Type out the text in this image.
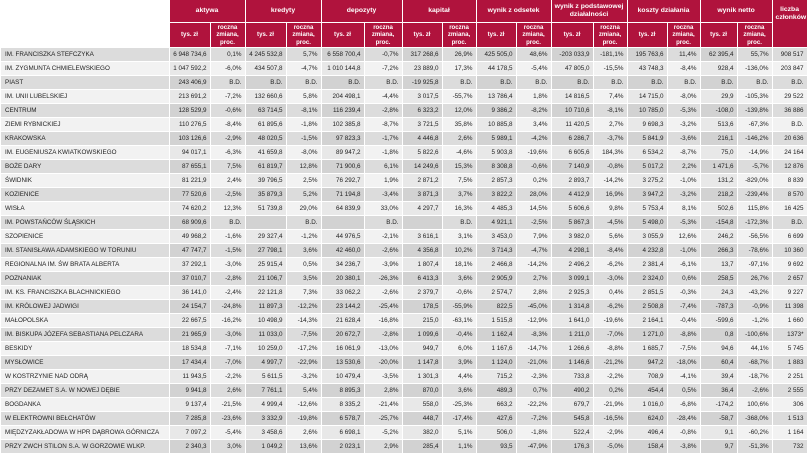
	aktywa		kredyty		depozyty		kapitał		wynik z odsetek		wynik z podstawowej działalności		koszty działania		wynik netto		liczba członków
	tys. zł	roczna zmiana, proc.	tys. zł	roczna zmiana, proc.	tys. zł	roczna zmiana, proc.	tys. zł	roczna zmiana, proc.	tys. zł	roczna zmiana, proc.	tys. zł	roczna zmiana, proc.	tys. zł	roczna zmiana, proc.	tys. zł	roczna zmiana, proc.	
IM. FRANCISZKA STEFCZYKA	6 948 734,6	0,1%	4 245 532,8	5,7%	6 558 700,4	-0,7%	317 268,6	26,9%	425 505,0	48,6%	-203 033,9	-181,1%	195 763,6	11,4%	62 395,4	55,7%	908 517
IM. ZYGMUNTA CHMIELEWSKIEGO	1 047 592,2	-6,0%	434 507,8	-4,7%	1 010 144,8	-7,2%	23 889,0	17,3%	44 178,5	-5,4%	47 805,0	-15,5%	43 748,3	-8,4%	928,4	-136,0%	203 847
PIAST	243 406,9	B.D.	B.D.	B.D.	B.D.	B.D.	-19 925,8	B.D.	B.D.	B.D.	B.D.	B.D.	B.D.	B.D.	B.D.	B.D.	B.D.
IM. UNII LUBELSKIEJ	213 691,2	-7,2%	132 660,6	5,8%	204 498,1	-4,4%	3 017,5	-55,7%	13 786,4	1,8%	14 816,5	7,4%	14 715,0	-8,0%	29,9	-105,3%	29 522
CENTRUM	128 529,9	-0,6%	63 714,5	-8,1%	116 239,4	-2,8%	6 323,2	12,0%	9 386,2	-8,2%	10 710,6	-8,1%	10 785,0	-5,3%	-108,0	-139,8%	36 886
ZIEMI RYBNICKIEJ	110 276,5	-8,4%	61 895,6	-1,8%	102 385,8	-8,7%	3 721,5	35,8%	10 885,8	3,4%	11 420,5	2,7%	9 698,3	-3,2%	513,6	-67,3%	B.D.
KRAKOWSKA	103 126,6	-2,9%	48 020,5	-1,5%	97 823,3	-1,7%	4 446,8	2,6%	5 989,1	-4,2%	6 286,7	-3,7%	5 841,9	-3,6%	216,1	-146,2%	20 636
IM. EUGENIUSZA KWIATKOWSKIEGO	94 017,1	-6,3%	41 659,8	-8,0%	89 947,2	-1,8%	5 822,6	-4,6%	5 903,8	-19,6%	6 605,6	184,3%	6 534,2	-8,7%	75,0	-14,9%	24 164
BOŻE DARY	87 655,1	7,5%	61 819,7	12,8%	71 900,6	6,1%	14 249,6	15,3%	8 308,8	-0,6%	7 140,9	-0,8%	5 017,2	2,2%	1 471,6	-5,7%	12 876
ŚWIDNIK	81 221,9	2,4%	39 796,5	2,5%	76 292,7	1,9%	2 871,2	7,5%	2 857,3	0,2%	2 893,7	-14,2%	3 275,2	-1,0%	131,2	-829,0%	8 839
KOZIENICE	77 520,6	-2,5%	35 879,3	5,2%	71 194,8	-3,4%	3 871,3	3,7%	3 822,2	28,0%	4 412,9	16,9%	3 947,2	-3,2%	218,2	-239,4%	8 570
WISŁA	74 620,2	12,3%	51 739,8	29,0%	64 839,9	33,0%	4 297,7	16,3%	4 485,3	14,5%	5 606,6	9,8%	5 753,4	8,1%	502,6	115,8%	16 425
IM. POWSTAŃCÓW ŚLĄSKICH	68 909,6	B.D.		B.D.		B.D.		B.D.	4 921,1	-2,5%	5 867,3	-4,5%	5 498,0	-5,3%	-154,8	-172,3%	B.D.
SZOPIENICE	49 968,2	-1,6%	29 327,4	-1,2%	44 976,5	-2,1%	3 616,1	3,1%	3 453,0	7,9%	3 982,0	5,6%	3 055,9	12,6%	246,2	-56,5%	6 699
IM. STANISŁAWA ADAMSKIEGO W TORUNIU	47 747,7	-1,5%	27 798,1	3,6%	42 460,0	-2,6%	4 356,8	10,2%	3 714,3	-4,7%	4 298,1	-8,4%	4 232,8	-1,0%	266,3	-78,6%	10 360
REGIONALNA IM. ŚW BRATA ALBERTA	37 292,1	-3,0%	25 915,4	0,5%	34 236,7	-3,9%	1 807,4	18,1%	2 466,8	-14,2%	2 496,2	-6,2%	2 381,4	-6,1%	13,7	-97,1%	9 692
POZNANIAK	37 010,7	-2,8%	21 106,7	3,5%	20 380,1	-26,3%	6 413,3	3,6%	2 905,9	2,7%	3 099,1	-3,0%	2 324,0	0,6%	258,5	26,7%	2 657
IM. KS. FRANCISZKA BLACHNICKIEGO	36 141,0	-2,4%	22 121,8	7,3%	33 062,2	-2,6%	2 379,7	-0,6%	2 574,7	2,8%	2 925,3	0,4%	2 851,5	-0,3%	24,3	-43,2%	9 227
IM. KRÓLOWEJ JADWIGI	24 154,7	-24,8%	11 897,3	-12,2%	23 144,2	-25,4%	178,5	-55,9%	822,5	-45,0%	1 314,8	-6,2%	2 508,8	-7,4%	-787,3	-0,9%	11 398
MAŁOPOLSKA	22 667,5	-16,2%	10 498,9	-14,3%	21 628,4	-16,8%	215,0	-63,1%	1 515,8	-12,9%	1 641,0	-19,6%	2 164,1	-0,4%	-599,6	-1,2%	1 660
IM. BISKUPA JÓZEFA SEBASTIANA PELCZARA	21 965,9	-3,0%	11 033,0	-7,5%	20 672,7	-2,8%	1 099,6	-0,4%	1 162,4	-8,3%	1 211,0	-7,0%	1 271,0	-8,8%	0,8	-100,6%	1373*
BESKIDY	18 534,8	-7,1%	10 259,0	-17,2%	16 061,9	-13,0%	949,7	6,0%	1 167,6	-14,7%	1 266,6	-8,8%	1 685,7	-7,5%	94,6	44,1%	5 745
MYSŁOWICE	17 434,4	-7,0%	4 997,7	-22,9%	13 530,6	-20,0%	1 147,8	3,9%	1 124,0	-21,0%	1 146,6	-21,2%	947,2	-18,0%	60,4	-68,7%	1 883
W KOSTRZYNIE NAD ODRĄ	11 943,5	-2,2%	5 611,5	-3,2%	10 479,4	-3,5%	1 301,3	4,4%	715,2	-2,3%	733,8	-2,2%	708,9	-4,1%	39,4	-18,7%	2 251
PRZY DEZAMET S.A. W NOWEJ DĘBIE	9 941,8	2,6%	7 761,1	5,4%	8 895,3	2,8%	870,0	3,6%	489,3	0,7%	490,2	0,2%	454,4	0,5%	36,4	-2,6%	2 555
BOGDANKA	9 137,4	-21,5%	4 999,4	-12,6%	8 335,2	-21,4%	558,0	-25,3%	663,2	-22,2%	679,7	-21,9%	1 016,0	-6,8%	-174,2	100,6%	306
W ELEKTROWNI BEŁCHATÓW	7 285,8	-23,6%	3 332,9	-19,8%	6 578,7	-25,7%	448,7	-17,4%	427,6	-7,2%	545,8	-16,5%	624,0	-28,4%	-58,7	-368,0%	1 513
MIĘDZYZAKŁADOWA W HPR DĄBROWA GÓRNICZA	7 097,2	-5,4%	3 458,6	2,6%	6 698,1	-5,2%	382,0	5,1%	506,0	-1,8%	522,4	-2,9%	496,4	-0,8%	9,1	-60,2%	1 164
PRZY ZWCH STILON S.A. W GORZOWIE WLKP.	2 340,3	3,0%	1 049,2	13,6%	2 023,1	2,9%	285,4	1,1%	93,5	-47,9%	176,3	-5,0%	158,4	-3,8%	9,7	-51,3%	732
